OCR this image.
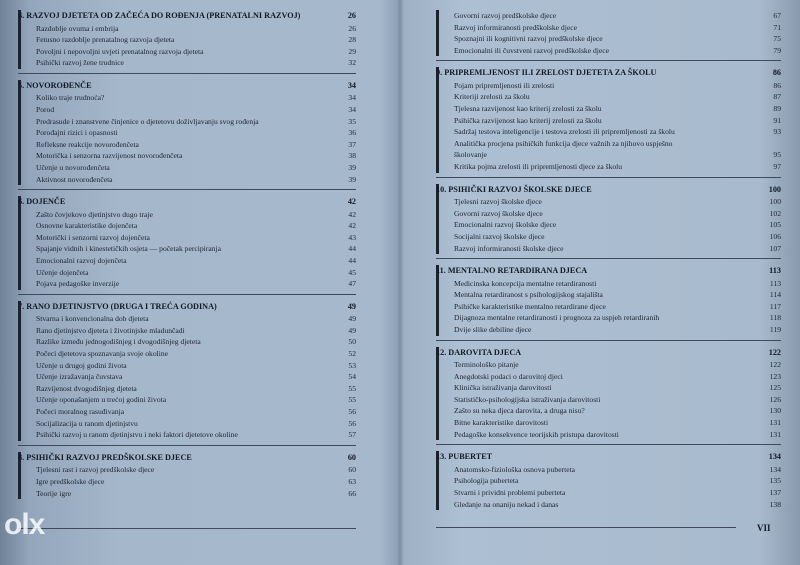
4. RAZVOJ DJETETA OD ZAČEĆA DO ROĐENJA (PRENATALNI RAZVOJ)	26
Razdoblje ovuma i embrija	26
Fetusno razdoblje prenatalnog razvoja djeteta	28
Povoljni i nepovoljni uvjeti prenatalnog razvoja djeteta	29
Psihički razvoj žene trudnice	32
5. NOVOROĐENČE	34
Koliko traje trudnoća?	34
Porod	34
Predrasude i znanstvene činjenice o djetetovu doživljavanju svog rođenja	35
Porođajni rizici i opasnosti	36
Refleksne reakcije novorođenčeta	37
Motorička i senzorna razvijenost novorođenčeta	38
Učenje u novorođenčeta	39
Aktivnost novorođenčeta	39
6. DOJENČE	42
Zašto čovjekovo djetinjstvo dugo traje	42
Osnovne karakteristike dojenčeta	42
Motorički i senzorni razvoj dojenčeta	43
Spajanje vidnih i kinestetičkih osjeta — početak percipiranja	44
Emocionalni razvoj dojenčeta	44
Učenje dojenčeta	45
Pojava pedagoške inverzije	47
7. RANO DJETINJSTVO (DRUGA I TREĆA GODINA)	49
Stvarna i konvencionalna dob djeteta	49
Rano djetinjstvo djeteta i životinjske mladunčadi	49
Razlike između jednogodišnjeg i dvogodišnjeg djeteta	50
Počeci djetetova spoznavanja svoje okoline	52
Učenje u drugoj godini života	53
Učenje izražavanja čuvstava	54
Razvijenost dvogodišnjeg djeteta	55
Učenje oponašanjem u trećoj godini života	55
Počeci moralnog rasuđivanja	56
Socijalizacija u ranom djetinjstvu	56
Psihički razvoj u ranom djetinjstvu i neki faktori djetetove okoline	57
8. PSIHIČKI RAZVOJ PREDŠKOLSKE DJECE	60
Tjelesni rast i razvoj predškolske djece	60
Igre predškolske djece	63
Teorije igre	66
Govorni razvoj predškolske djece	67
Razvoj informiranosti predškolske djece	71
Spoznajni ili kognitivni razvoj predškolske djece	75
Emocionalni ili čuvstveni razvoj predškolske djece	79
9. PRIPREMLJENOST ILI ZRELOST DJETETA ZA ŠKOLU	86
Pojam pripremljenosti ili zrelosti	86
Kriteriji zrelosti za školu	87
Tjelesna razvijenost kao kriterij zrelosti za školu	89
Psihička razvijenost kao kriterij zrelosti za školu	91
Sadržaj testova inteligencije i testova zrelosti ili pripremljenosti za školu	93
Analitička procjena psihičkih funkcija djece važnih za njihovo uspješno
školovanje	95
Kritika pojma zrelosti ili pripremljenosti djece za školu	97
10. PSIHIČKI RAZVOJ ŠKOLSKE DJECE	100
Tjelesni razvoj školske djece	100
Govorni razvoj školske djece	102
Emocionalni razvoj školske djece	105
Socijalni razvoj školske djece	106
Razvoj informiranosti školske djece	107
11. MENTALNO RETARDIRANA DJECA	113
Medicinska koncepcija mentalne retardiranosti	113
Mentalna retardiranost s psihologijskog stajališta	114
Psihičke karakteristike mentalno retardirane djece	117
Dijagnoza mentalne retardiranosti i prognoza za uspjeh retardiranih	118
Dvije slike debiline djece	119
12. DAROVITA DJECA	122
Terminološko pitanje	122
Anegdotski podaci o darovitoj djeci	123
Klinička istraživanja darovitosti	125
Statističko-psihologijska istraživanja darovitosti	126
Zašto su neka djeca darovita, a druga nisu?	130
Bitne karakteristike darovitosti	131
Pedagoške konsekvence teorijskih pristupa darovitosti	131
13. PUBERTET	134
Anatomsko-fiziološka osnova puberteta	134
Psihologija puberteta	135
Stvarni i prividni problemi puberteta	137
Gledanje na onaniju nekad i danas	138
VII
olx
